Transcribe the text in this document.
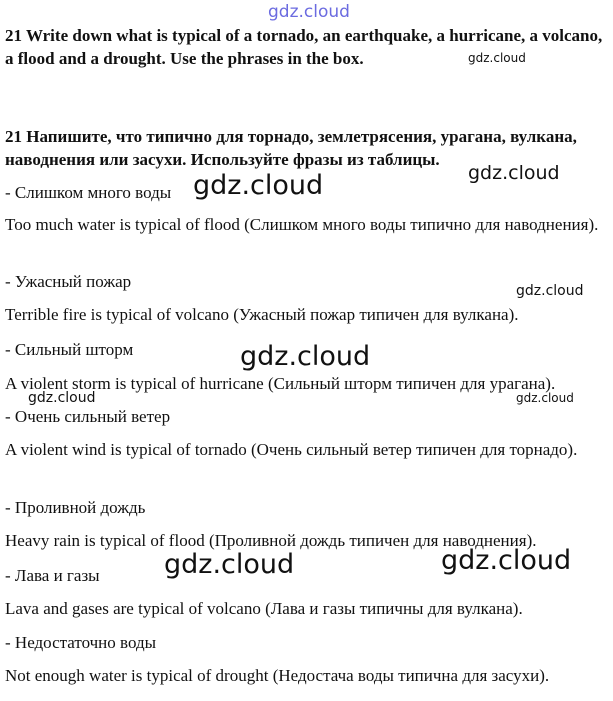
gdz.cloud
gdz.cloud
gdz.cloud	gdz.cloud
gdz.cloud
gdz.cloud
gdz.cloud	gdz.cloud
gdz.cloud	gdz.cloud
21 Write down what is typical of a tornado, an earthquake, a hurricane, a volcano, a flood and a drought. Use the phrases in the box.
21 Напишите, что типично для торнадо, землетрясения, урагана, вулкана, наводнения или засухи. Используйте фразы из таблицы.
- Слишком много воды
Too much water is typical of flood (Слишком много воды типично для наводнения).
- Ужасный пожар
Terrible fire is typical of volcano (Ужасный пожар типичен для вулкана).
- Сильный шторм
A violent storm is typical of hurricane (Сильный шторм типичен для урагана).
- Очень сильный ветер
A violent wind is typical of tornado (Очень сильный ветер типичен для торнадо).
- Проливной дождь
Heavy rain is typical of flood (Проливной дождь типичен для наводнения).
- Лава и газы
Lava and gases are typical of volcano (Лава и газы типичны для вулкана).
- Недостаточно воды
Not enough water is typical of drought (Недостача воды типична для засухи).
